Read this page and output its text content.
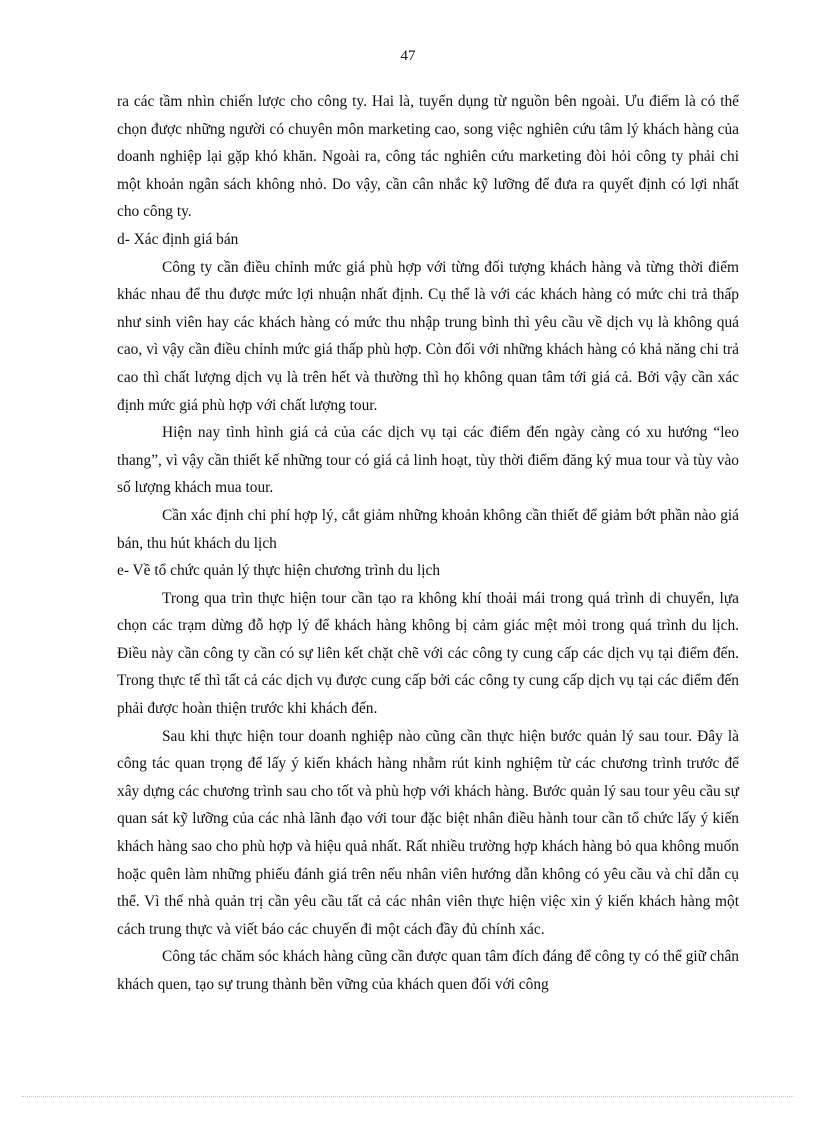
47

ra các tầm nhìn chiến lược cho công ty. Hai là, tuyển dụng từ nguồn bên ngoài. Ưu điểm là có thể chọn được những người có chuyên môn marketing cao, song việc nghiên cứu tâm lý khách hàng của doanh nghiệp lại gặp khó khăn. Ngoài ra, công tác nghiên cứu marketing đòi hỏi công ty phải chi một khoản ngân sách không nhỏ. Do vậy, cần cân nhắc kỹ lưỡng để đưa ra quyết định có lợi nhất cho công ty.

d- Xác định giá bán

Công ty cần điều chỉnh mức giá phù hợp với từng đối tượng khách hàng và từng thời điểm khác nhau để thu được mức lợi nhuận nhất định. Cụ thể là với các khách hàng có mức chi trả thấp như sinh viên hay các khách hàng có mức thu nhập trung bình thì yêu cầu về dịch vụ là không quá cao, vì vậy cần điều chỉnh mức giá thấp phù hợp. Còn đối với những khách hàng có khả năng chi trả cao thì chất lượng dịch vụ là trên hết và thường thì họ không quan tâm tới giá cả. Bởi vậy cần xác định mức giá phù hợp với chất lượng tour.

Hiện nay tình hình giá cả của các dịch vụ tại các điểm đến ngày càng có xu hướng “leo thang”, vì vậy cần thiết kế những tour có giá cả linh hoạt, tùy thời điểm đăng ký mua tour và tùy vào số lượng khách mua tour.

Cần xác định chi phí hợp lý, cắt giảm những khoản không cần thiết để giảm bớt phần nào giá bán, thu hút khách du lịch

e- Về tổ chức quản lý thực hiện chương trình du lịch

Trong qua trìn thực hiện tour cần tạo ra không khí thoải mái trong quá trình di chuyển, lựa chọn các trạm dừng đỗ hợp lý để khách hàng không bị cảm giác mệt mỏi trong quá trình du lịch. Điều này cần công ty cần có sự liên kết chặt chẽ với các công ty cung cấp các dịch vụ tại điểm đến. Trong thực tế thì tất cả các dịch vụ được cung cấp bởi các công ty cung cấp dịch vụ tại các điểm đến phải được hoàn thiện trước khi khách đến.

Sau khi thực hiện tour doanh nghiệp nào cũng cần thực hiện bước quản lý sau tour. Đây là công tác quan trọng để lấy ý kiến khách hàng nhằm rút kinh nghiệm từ các chương trình trước để xây dựng các chương trình sau cho tốt và phù hợp với khách hàng. Bước quản lý sau tour yêu cầu sự quan sát kỹ lưỡng của các nhà lãnh đạo với tour đặc biệt nhân điều hành tour cần tổ chức lấy ý kiến khách hàng sao cho phù hợp và hiệu quả nhất. Rất nhiều trường hợp khách hàng bỏ qua không muốn hoặc quên làm những phiếu đánh giá trên nếu nhân viên hướng dẫn không có yêu cầu và chỉ dẫn cụ thể. Vì thế nhà quản trị cần yêu cầu tất cả các nhân viên thực hiện việc xin ý kiến khách hàng một cách trung thực và viết báo các chuyến đi một cách đầy đủ chính xác.

Công tác chăm sóc khách hàng cũng cần được quan tâm đích đáng để công ty có thể giữ chân khách quen, tạo sự trung thành bền vững của khách quen đối với công
